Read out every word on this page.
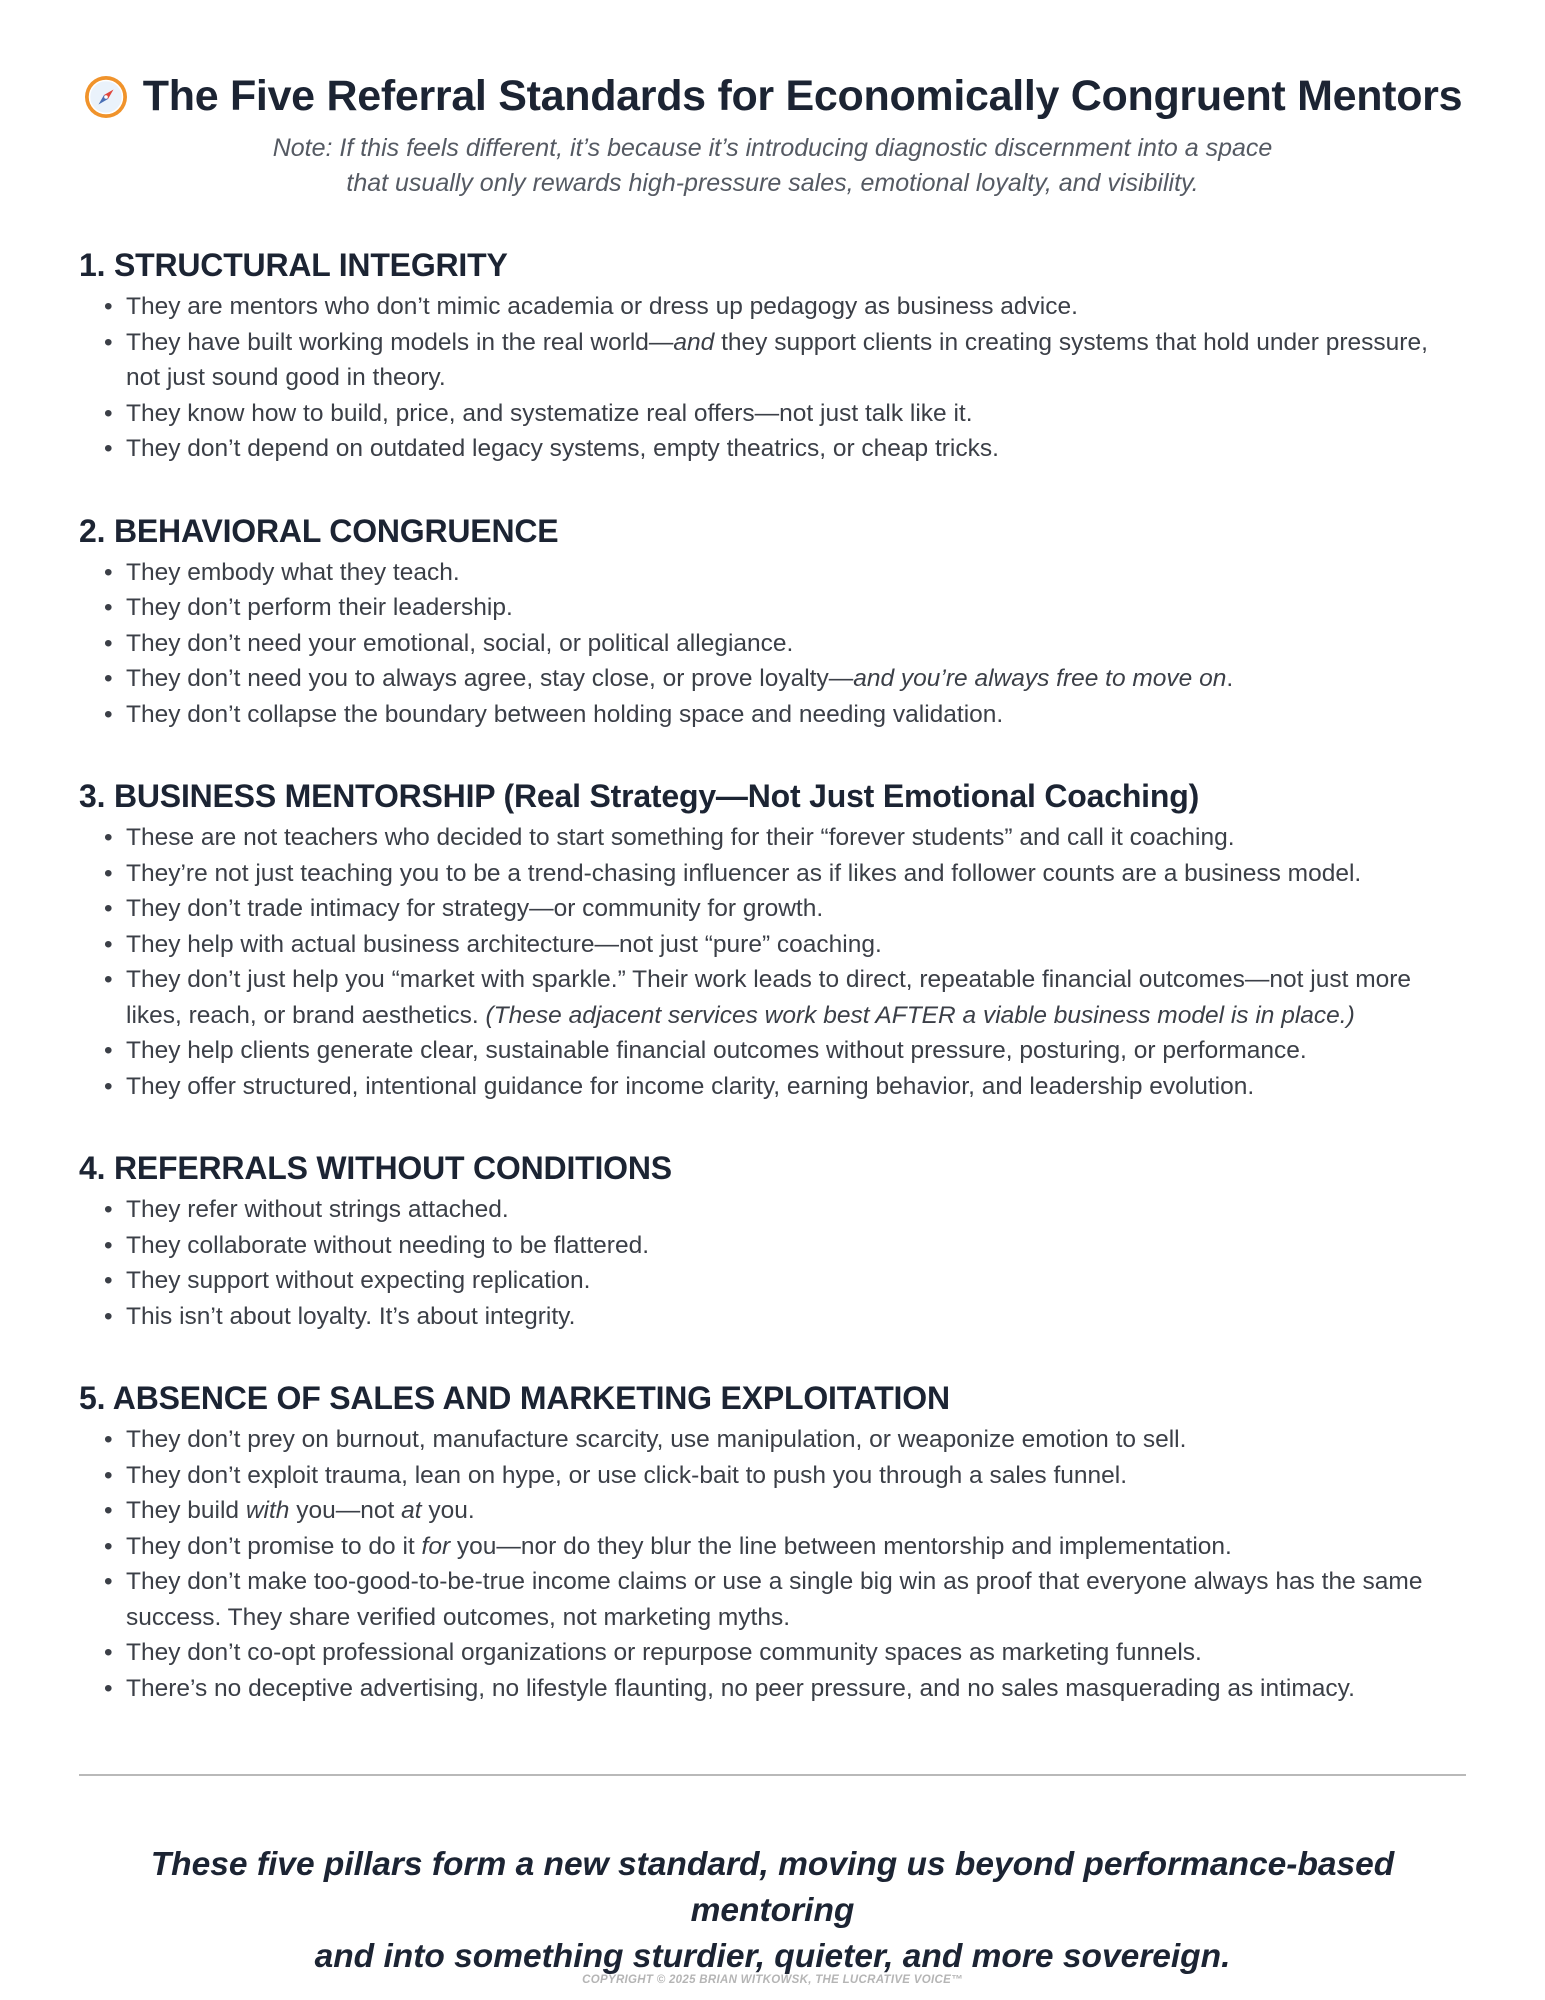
The Five Referral Standards for Economically Congruent Mentors
Note: If this feels different, it’s because it’s introducing diagnostic discernment into a space
that usually only rewards high-pressure sales, emotional loyalty, and visibility.
1. STRUCTURAL INTEGRITY
• They are mentors who don’t mimic academia or dress up pedagogy as business advice.
• They have built working models in the real world—and they support clients in creating systems that hold under pressure, not just sound good in theory.
• They know how to build, price, and systematize real offers—not just talk like it.
• They don’t depend on outdated legacy systems, empty theatrics, or cheap tricks.
2. BEHAVIORAL CONGRUENCE
• They embody what they teach.
• They don’t perform their leadership.
• They don’t need your emotional, social, or political allegiance.
• They don’t need you to always agree, stay close, or prove loyalty—and you’re always free to move on.
• They don’t collapse the boundary between holding space and needing validation.
3. BUSINESS MENTORSHIP (Real Strategy—Not Just Emotional Coaching)
• These are not teachers who decided to start something for their “forever students” and call it coaching.
• They’re not just teaching you to be a trend-chasing influencer as if likes and follower counts are a business model.
• They don’t trade intimacy for strategy—or community for growth.
• They help with actual business architecture—not just “pure” coaching.
• They don’t just help you “market with sparkle.” Their work leads to direct, repeatable financial outcomes—not just more likes, reach, or brand aesthetics. (These adjacent services work best AFTER a viable business model is in place.)
• They help clients generate clear, sustainable financial outcomes without pressure, posturing, or performance.
• They offer structured, intentional guidance for income clarity, earning behavior, and leadership evolution.
4. REFERRALS WITHOUT CONDITIONS
• They refer without strings attached.
• They collaborate without needing to be flattered.
• They support without expecting replication.
• This isn’t about loyalty. It’s about integrity.
5. ABSENCE OF SALES AND MARKETING EXPLOITATION
• They don’t prey on burnout, manufacture scarcity, use manipulation, or weaponize emotion to sell.
• They don’t exploit trauma, lean on hype, or use click-bait to push you through a sales funnel.
• They build with you—not at you.
• They don’t promise to do it for you—nor do they blur the line between mentorship and implementation.
• They don’t make too-good-to-be-true income claims or use a single big win as proof that everyone always has the same success. They share verified outcomes, not marketing myths.
• They don’t co-opt professional organizations or repurpose community spaces as marketing funnels.
• There’s no deceptive advertising, no lifestyle flaunting, no peer pressure, and no sales masquerading as intimacy.
These five pillars form a new standard, moving us beyond performance-based mentoring
and into something sturdier, quieter, and more sovereign.
COPYRIGHT © 2025 BRIAN WITKOWSK, THE LUCRATIVE VOICE™
